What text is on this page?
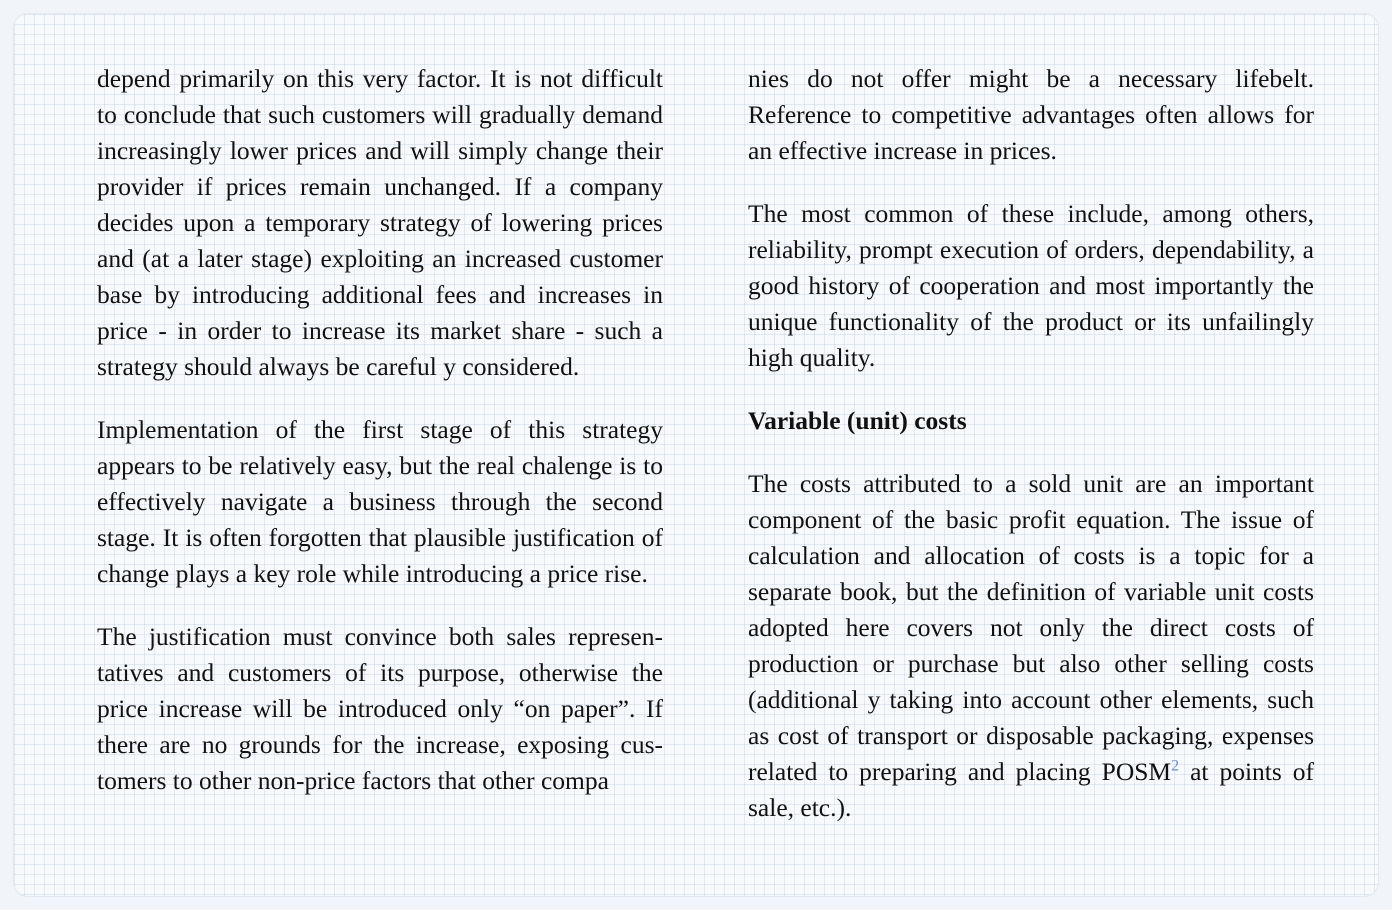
depend primarily on this very factor. It is not difficult to conclude that such customers will gradually demand increasingly lower prices and will simply change their provider if prices remain unchanged. If a company decides upon a temporary strategy of lowering prices and (at a later stage) exploiting an increased customer base by introducing additional fees and increases in price - in order to increase its market share - such a strategy should always be careful y considered.

Implementation of the first stage of this strategy appears to be relatively easy, but the real chalenge is to effectively navigate a business through the second stage. It is often forgotten that plausible justification of change plays a key role while introducing a price rise.

The justification must convince both sales representatives and customers of its purpose, otherwise the price increase will be introduced only “on paper”. If there are no grounds for the increase, exposing customers to other non-price factors that other compa

nies do not offer might be a necessary lifebelt. Reference to competitive advantages often allows for an effective increase in prices.

The most common of these include, among others, reliability, prompt execution of orders, dependability, a good history of cooperation and most importantly the unique functionality of the product or its unfailingly high quality.

Variable (unit) costs

The costs attributed to a sold unit are an important component of the basic profit equation. The issue of calculation and allocation of costs is a topic for a separate book, but the definition of variable unit costs adopted here covers not only the direct costs of production or purchase but also other selling costs (additional y taking into account other elements, such as cost of transport or disposable packaging, expenses related to preparing and placing POSM$^2$ at points of sale, etc.).
